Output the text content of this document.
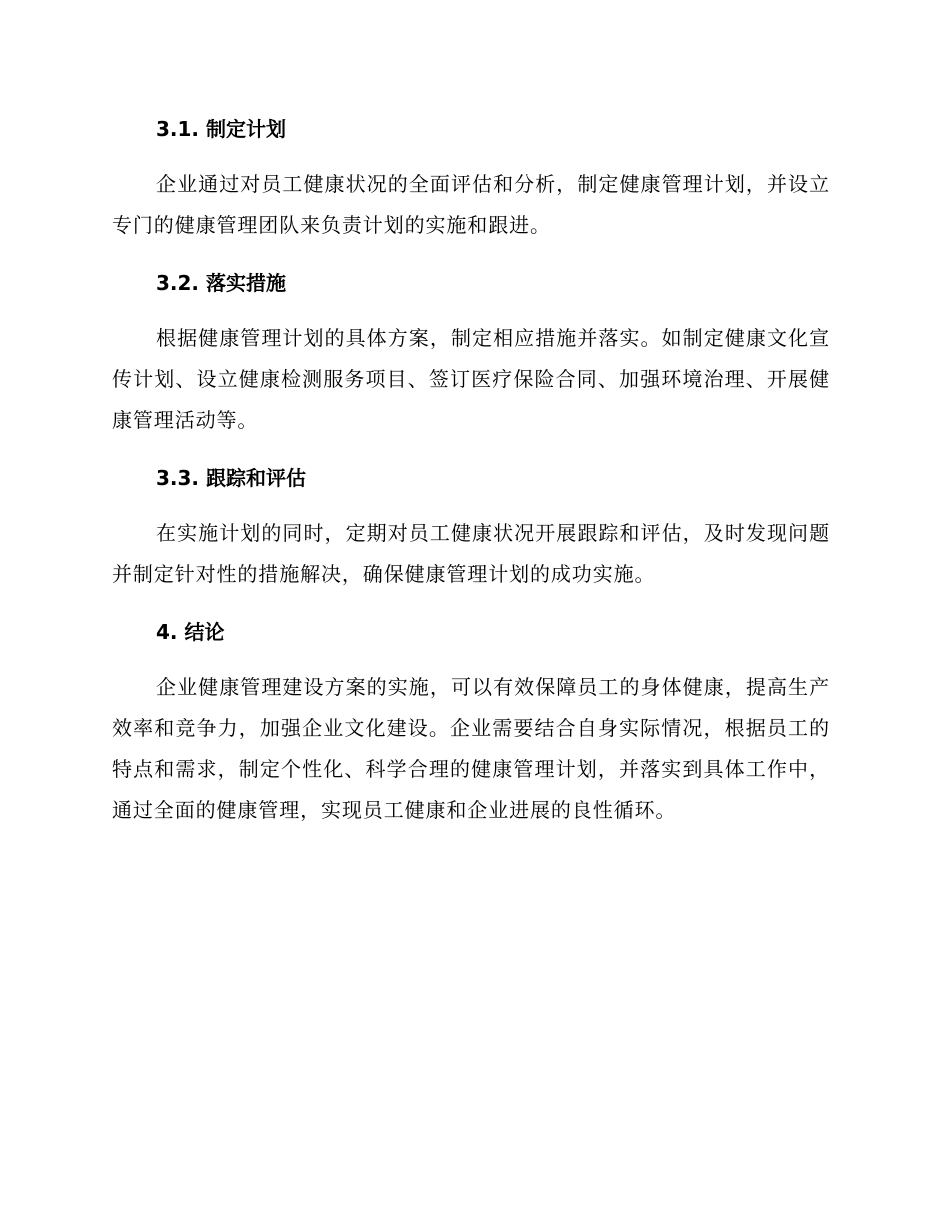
3.1. 制定计划

企业通过对员工健康状况的全面评估和分析，制定健康管理计划，并设立专门的健康管理团队来负责计划的实施和跟进。

3.2. 落实措施

根据健康管理计划的具体方案，制定相应措施并落实。如制定健康文化宣传计划、设立健康检测服务项目、签订医疗保险合同、加强环境治理、开展健康管理活动等。

3.3. 跟踪和评估

在实施计划的同时，定期对员工健康状况开展跟踪和评估，及时发现问题并制定针对性的措施解决，确保健康管理计划的成功实施。

4. 结论

企业健康管理建设方案的实施，可以有效保障员工的身体健康，提高生产效率和竞争力，加强企业文化建设。企业需要结合自身实际情况，根据员工的特点和需求，制定个性化、科学合理的健康管理计划，并落实到具体工作中，通过全面的健康管理，实现员工健康和企业进展的良性循环。
